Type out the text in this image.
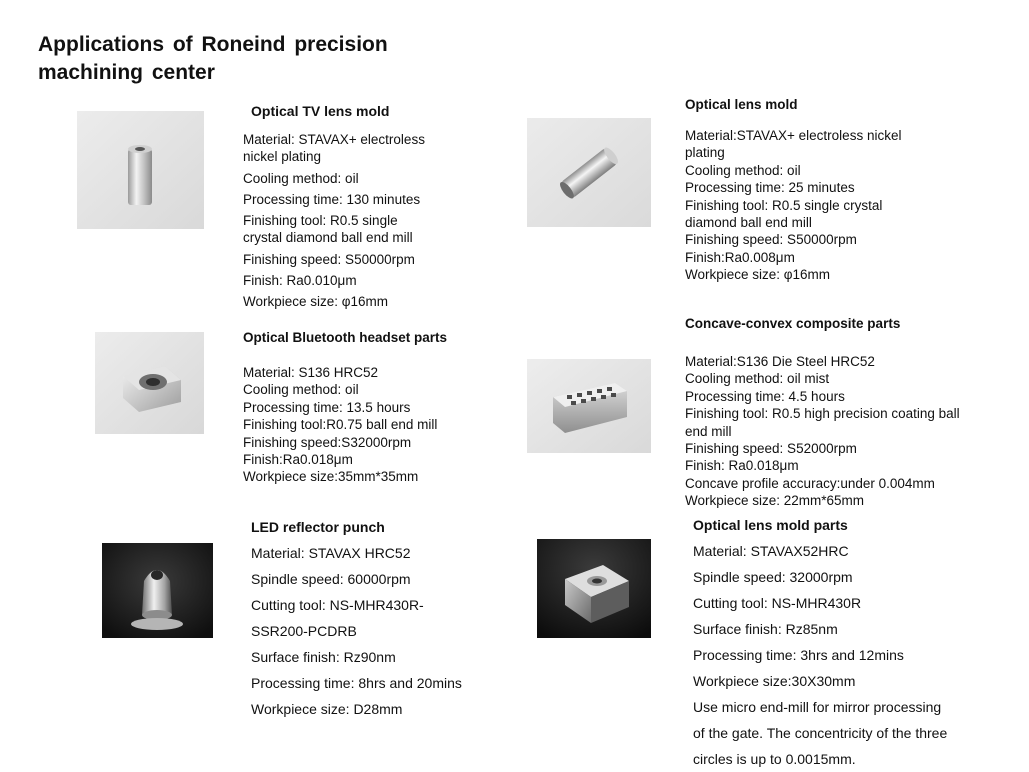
Applications of Roneind precision machining center
Optical TV lens mold
Material: STAVAX+ electroless
nickel plating
Cooling method: oil
Processing time: 130 minutes
Finishing tool: R0.5 single
crystal diamond ball end mill
Finishing speed: S50000rpm
Finish: Ra0.010μm
Workpiece size: φ16mm
Optical lens mold
Material:STAVAX+ electroless nickel
plating
Cooling method: oil
Processing time: 25 minutes
Finishing tool: R0.5 single crystal
diamond ball end mill
Finishing speed: S50000rpm
Finish:Ra0.008μm
Workpiece size: φ16mm
Optical Bluetooth headset parts
Material: S136 HRC52
Cooling method: oil
Processing time: 13.5 hours
Finishing tool:R0.75 ball end mill
Finishing speed:S32000rpm
Finish:Ra0.018μm
Workpiece size:35mm*35mm
Concave-convex composite parts
Material:S136 Die Steel HRC52
Cooling method: oil mist
Processing time: 4.5 hours
Finishing tool: R0.5 high precision coating ball
end mill
Finishing speed: S52000rpm
Finish: Ra0.018μm
Concave profile accuracy:under 0.004mm
Workpiece size: 22mm*65mm
LED reflector punch
Material: STAVAX HRC52
Spindle speed: 60000rpm
Cutting tool: NS-MHR430R-
SSR200-PCDRB
Surface finish: Rz90nm
Processing time: 8hrs and 20mins
Workpiece size: D28mm
Optical lens mold parts
Material: STAVAX52HRC
Spindle speed: 32000rpm
Cutting tool: NS-MHR430R
Surface finish: Rz85nm
Processing time: 3hrs and 12mins
Workpiece size:30X30mm
Use micro end-mill for mirror processing
of the gate. The concentricity of the three
circles is up to 0.0015mm.
